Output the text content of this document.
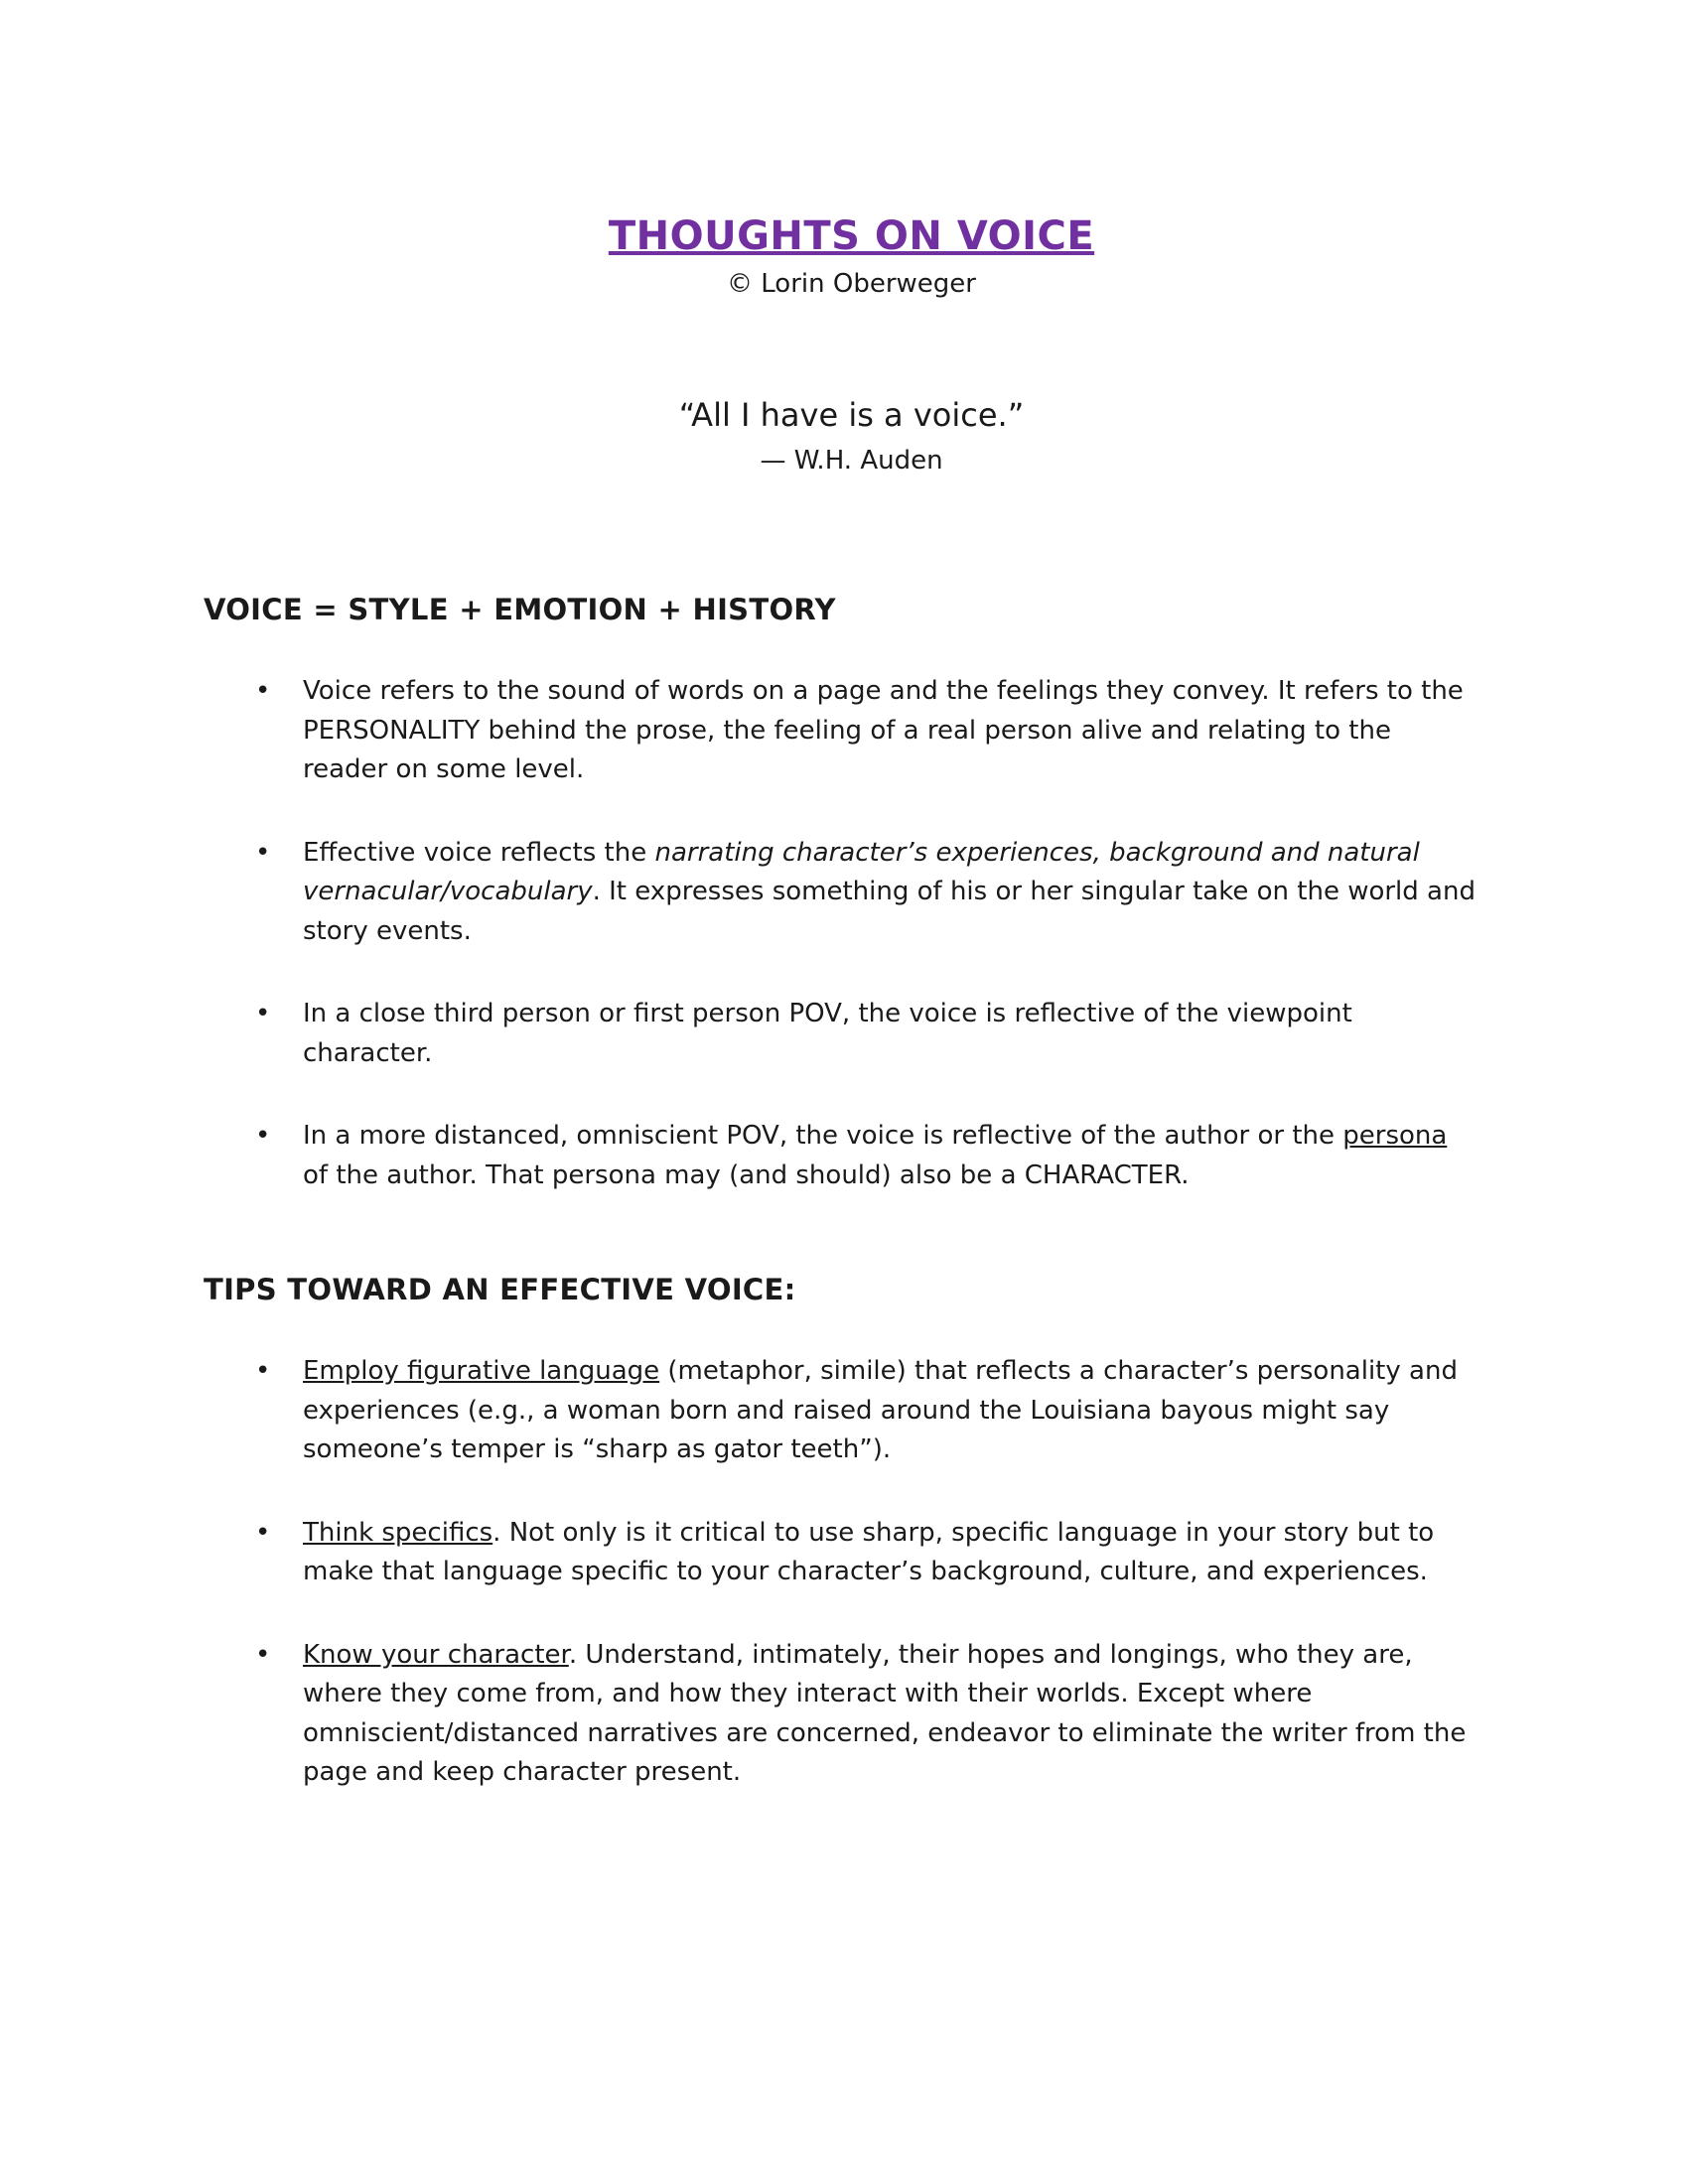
THOUGHTS ON VOICE
© Lorin Oberweger
“All I have is a voice.”
— W.H. Auden
VOICE = STYLE + EMOTION + HISTORY
• Voice refers to the sound of words on a page and the feelings they convey. It refers to the PERSONALITY behind the prose, the feeling of a real person alive and relating to the reader on some level.
• Effective voice reflects the narrating character’s experiences, background and natural vernacular/vocabulary. It expresses something of his or her singular take on the world and story events.
• In a close third person or first person POV, the voice is reflective of the viewpoint character.
• In a more distanced, omniscient POV, the voice is reflective of the author or the persona of the author. That persona may (and should) also be a CHARACTER.
TIPS TOWARD AN EFFECTIVE VOICE:
• Employ figurative language (metaphor, simile) that reflects a character’s personality and experiences (e.g., a woman born and raised around the Louisiana bayous might say someone’s temper is “sharp as gator teeth”).
• Think specifics. Not only is it critical to use sharp, specific language in your story but to make that language specific to your character’s background, culture, and experiences.
• Know your character. Understand, intimately, their hopes and longings, who they are, where they come from, and how they interact with their worlds. Except where omniscient/distanced narratives are concerned, endeavor to eliminate the writer from the page and keep character present.
